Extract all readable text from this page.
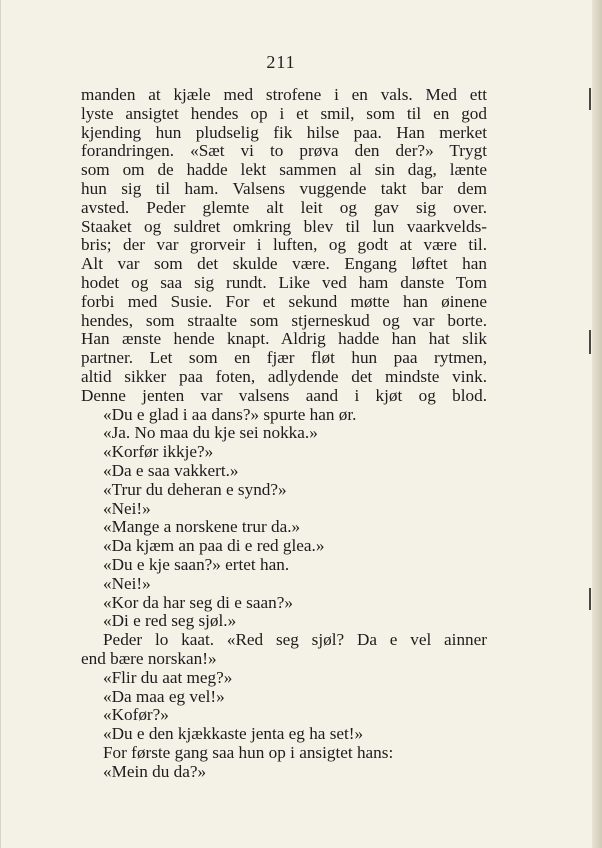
211
manden at kjæle med strofene i en vals. Med ett
lyste ansigtet hendes op i et smil, som til en god
kjending hun pludselig fik hilse paa. Han merket
forandringen. «Sæt vi to prøva den der?» Trygt
som om de hadde lekt sammen al sin dag, lænte
hun sig til ham. Valsens vuggende takt bar dem
avsted. Peder glemte alt leit og gav sig over.
Staaket og suldret omkring blev til lun vaarkvelds-
bris; der var grorveir i luften, og godt at være til.
Alt var som det skulde være. Engang løftet han
hodet og saa sig rundt. Like ved ham danste Tom
forbi med Susie. For et sekund møtte han øinene
hendes, som straalte som stjerneskud og var borte.
Han ænste hende knapt. Aldrig hadde han hat slik
partner. Let som en fjær fløt hun paa rytmen,
altid sikker paa foten, adlydende det mindste vink.
Denne jenten var valsens aand i kjøt og blod.
«Du e glad i aa dans?» spurte han ør.
«Ja. No maa du kje sei nokka.»
«Korfør ikkje?»
«Da e saa vakkert.»
«Trur du deheran e synd?»
«Nei!»
«Mange a norskene trur da.»
«Da kjæm an paa di e red glea.»
«Du e kje saan?» ertet han.
«Nei!»
«Kor da har seg di e saan?»
«Di e red seg sjøl.»
Peder lo kaat. «Red seg sjøl? Da e vel ainner
end bære norskan!»
«Flir du aat meg?»
«Da maa eg vel!»
«Kofør?»
«Du e den kjækkaste jenta eg ha set!»
For første gang saa hun op i ansigtet hans:
«Mein du da?»
